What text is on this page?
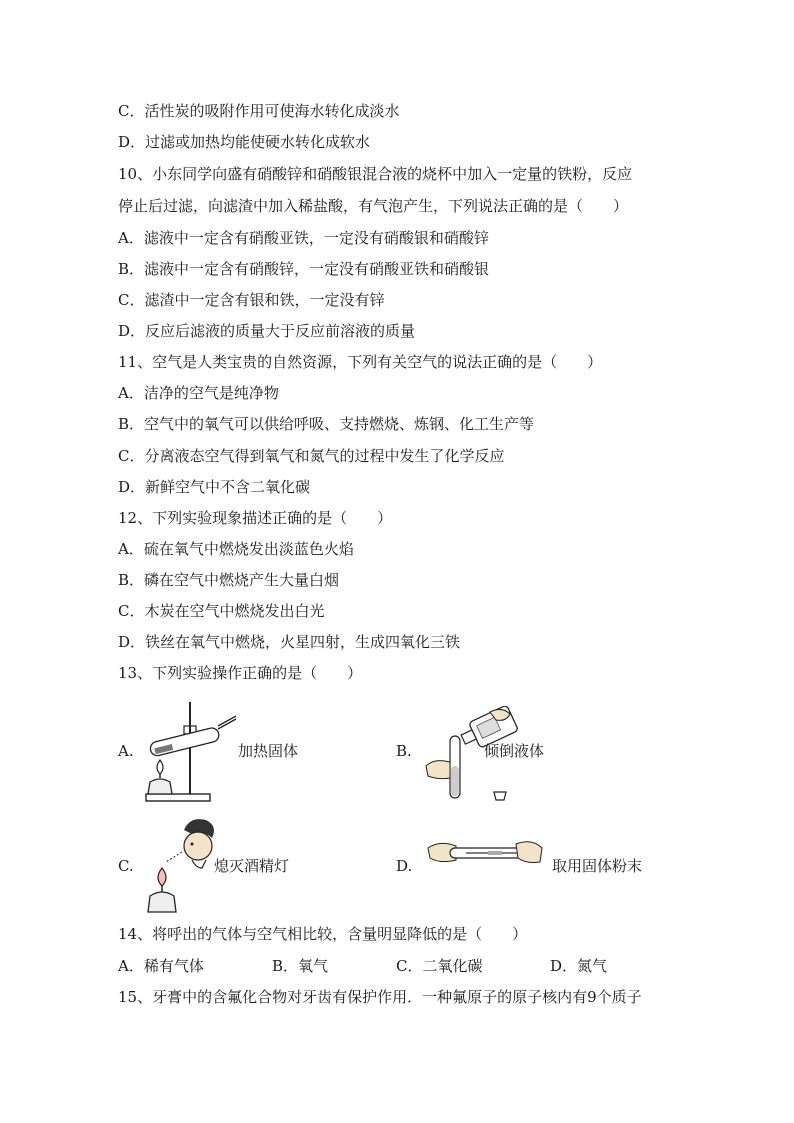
C．活性炭的吸附作用可使海水转化成淡水
D．过滤或加热均能使硬水转化成软水
10、小东同学向盛有硝酸锌和硝酸银混合液的烧杯中加入一定量的铁粉，反应
停止后过滤，向滤渣中加入稀盐酸，有气泡产生，下列说法正确的是（　　）
A．滤液中一定含有硝酸亚铁，一定没有硝酸银和硝酸锌
B．滤液中一定含有硝酸锌，一定没有硝酸亚铁和硝酸银
C．滤渣中一定含有银和铁，一定没有锌
D．反应后滤液的质量大于反应前溶液的质量
11、空气是人类宝贵的自然资源，下列有关空气的说法正确的是（　　）
A．洁净的空气是纯净物
B．空气中的氧气可以供给呼吸、支持燃烧、炼钢、化工生产等
C．分离液态空气得到氧气和氮气的过程中发生了化学反应
D．新鲜空气中不含二氧化碳
12、下列实验现象描述正确的是（　　）
A．硫在氧气中燃烧发出淡蓝色火焰
B．磷在空气中燃烧产生大量白烟
C．木炭在空气中燃烧发出白光
D．铁丝在氧气中燃烧，火星四射，生成四氧化三铁
13、下列实验操作正确的是（　　）
A.	加热固体	B.	倾倒液体
C.	熄灭酒精灯	D.	取用固体粉末
14、将呼出的气体与空气相比较，含量明显降低的是（　　）
A．稀有气体	B．氧气	C．二氧化碳	D．氮气
15、牙膏中的含氟化合物对牙齿有保护作用．一种氟原子的原子核内有9个质子
